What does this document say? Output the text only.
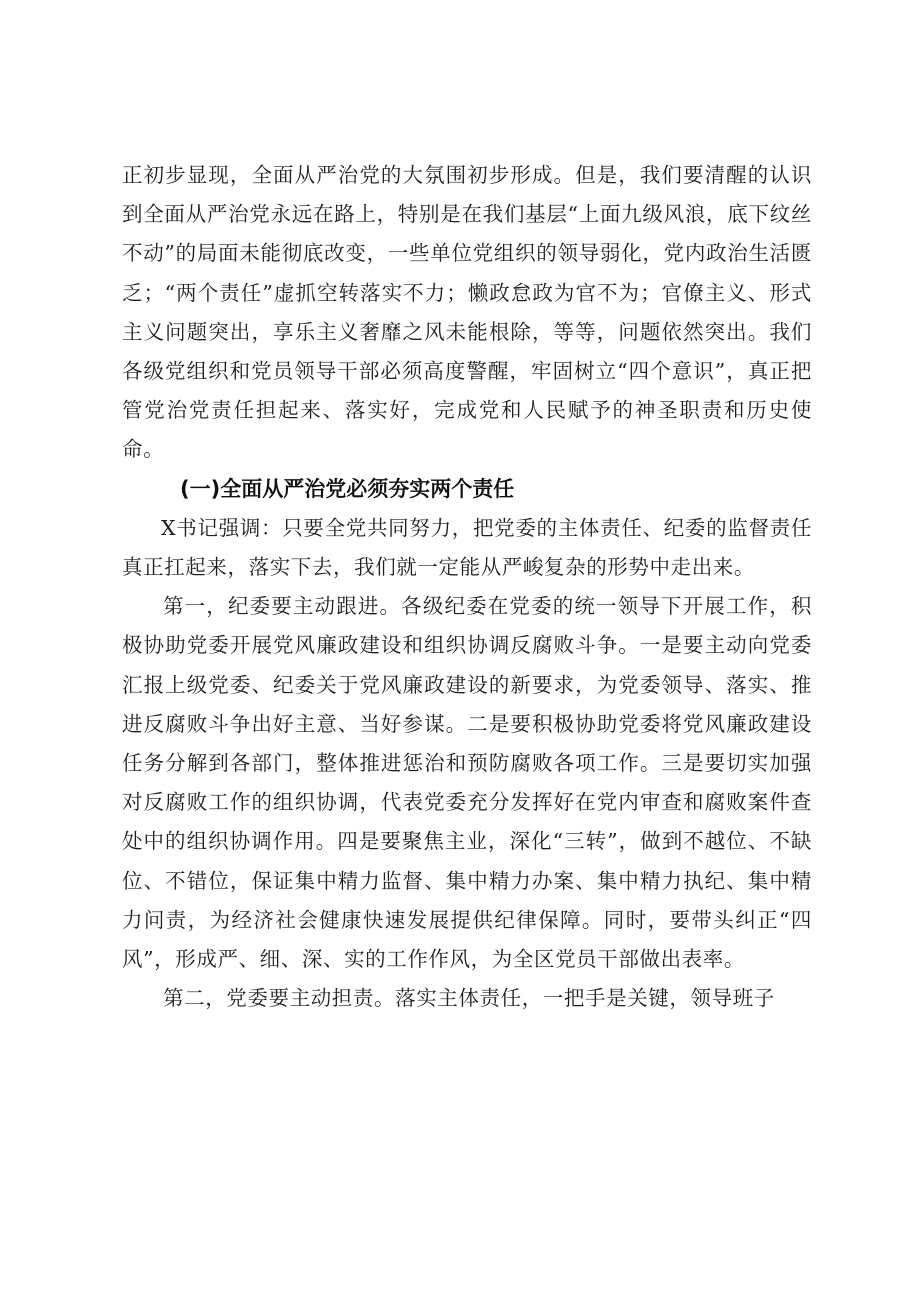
正初步显现，全面从严治党的大氛围初步形成。但是，我们要清醒的认识到全面从严治党永远在路上，特别是在我们基层“上面九级风浪，底下纹丝不动”的局面未能彻底改变，一些单位党组织的领导弱化，党内政治生活匮乏；“两个责任”虚抓空转落实不力；懒政怠政为官不为；官僚主义、形式主义问题突出，享乐主义奢靡之风未能根除，等等，问题依然突出。我们各级党组织和党员领导干部必须高度警醒，牢固树立“四个意识”，真正把管党治党责任担起来、落实好，完成党和人民赋予的神圣职责和历史使命。

(一)全面从严治党必须夯实两个责任

X书记强调：只要全党共同努力，把党委的主体责任、纪委的监督责任真正扛起来，落实下去，我们就一定能从严峻复杂的形势中走出来。

第一，纪委要主动跟进。各级纪委在党委的统一领导下开展工作，积极协助党委开展党风廉政建设和组织协调反腐败斗争。一是要主动向党委汇报上级党委、纪委关于党风廉政建设的新要求，为党委领导、落实、推进反腐败斗争出好主意、当好参谋。二是要积极协助党委将党风廉政建设任务分解到各部门，整体推进惩治和预防腐败各项工作。三是要切实加强对反腐败工作的组织协调，代表党委充分发挥好在党内审查和腐败案件查处中的组织协调作用。四是要聚焦主业，深化“三转”，做到不越位、不缺位、不错位，保证集中精力监督、集中精力办案、集中精力执纪、集中精力问责，为经济社会健康快速发展提供纪律保障。同时，要带头纠正“四风”，形成严、细、深、实的工作作风，为全区党员干部做出表率。

第二，党委要主动担责。落实主体责任，一把手是关键，领导班子
